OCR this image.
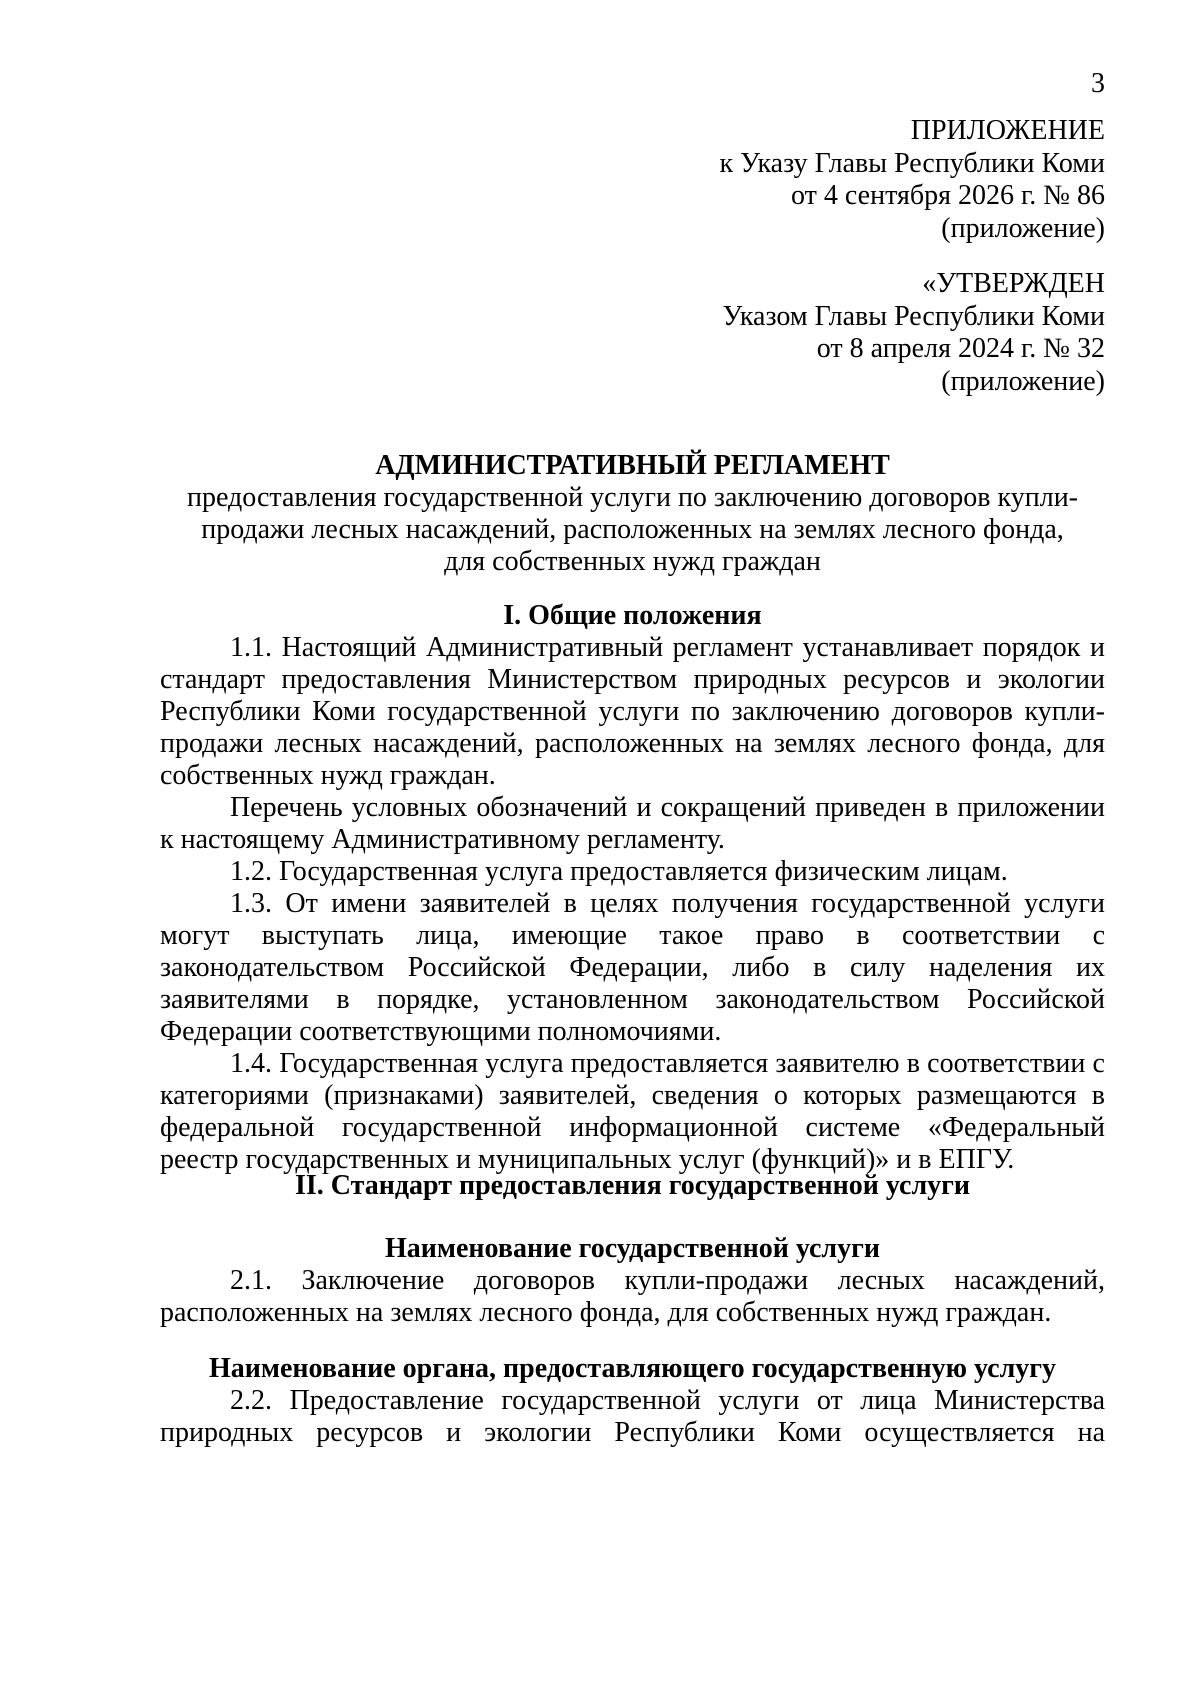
3
ПРИЛОЖЕНИЕ
к Указу Главы Республики Коми
от 4 сентября 2026 г. № 86
(приложение)
«УТВЕРЖДЕН
Указом Главы Республики Коми
от 8 апреля 2024 г. № 32
(приложение)
АДМИНИСТРАТИВНЫЙ РЕГЛАМЕНТ
предоставления государственной услуги по заключению договоров купли-
продажи лесных насаждений, расположенных на землях лесного фонда,
для собственных нужд граждан
I. Общие положения

1.1. Настоящий Административный регламент устанавливает порядок и стандарт предоставления Министерством природных ресурсов и экологии Республики Коми государственной услуги по заключению договоров купли-продажи лесных насаждений, расположенных на землях лесного фонда, для собственных нужд граждан.

Перечень условных обозначений и сокращений приведен в приложении к настоящему Административному регламенту.

1.2. Государственная услуга предоставляется физическим лицам.

1.3. От имени заявителей в целях получения государственной услуги могут выступать лица, имеющие такое право в соответствии с законодательством Российской Федерации, либо в силу наделения их заявителями в порядке, установленном законодательством Российской Федерации соответствующими полномочиями.

1.4. Государственная услуга предоставляется заявителю в соответствии с категориями (признаками) заявителей, сведения о которых размещаются в федеральной государственной информационной системе «Федеральный реестр государственных и муниципальных услуг (функций)» и в ЕПГУ.

II. Стандарт предоставления государственной услуги
Наименование государственной услуги

2.1. Заключение договоров купли-продажи лесных насаждений, расположенных на землях лесного фонда, для собственных нужд граждан.

Наименование органа, предоставляющего государственную услугу

2.2. Предоставление государственной услуги от лица Министерства природных ресурсов и экологии Республики Коми осуществляется на
